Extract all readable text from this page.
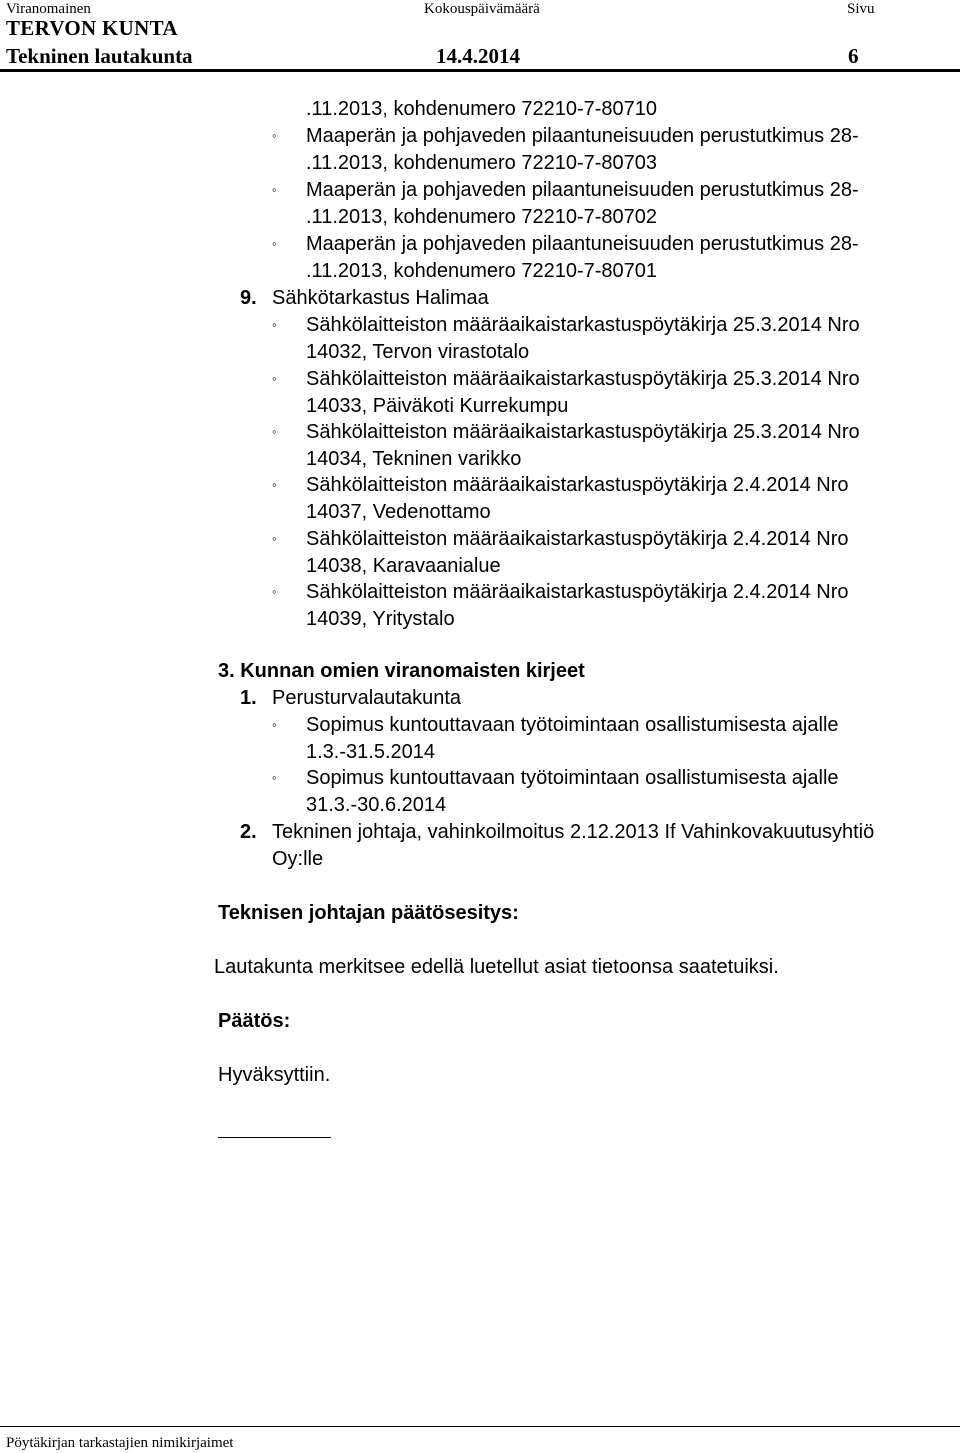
Viranomainen	Kokouspäivämäärä	Sivu
TERVON KUNTA
Tekninen lautakunta	14.4.2014	6
.11.2013, kohdenumero 72210-7-80710
◦	Maaperän ja pohjaveden pilaantuneisuuden perustutkimus 28-
.11.2013, kohdenumero 72210-7-80703
◦	Maaperän ja pohjaveden pilaantuneisuuden perustutkimus 28-
.11.2013, kohdenumero 72210-7-80702
◦	Maaperän ja pohjaveden pilaantuneisuuden perustutkimus 28-
.11.2013, kohdenumero 72210-7-80701
9. Sähkötarkastus Halimaa
◦	Sähkölaitteiston määräaikaistarkastuspöytäkirja 25.3.2014 Nro
14032, Tervon virastotalo
◦	Sähkölaitteiston määräaikaistarkastuspöytäkirja 25.3.2014 Nro
14033, Päiväkoti Kurrekumpu
◦	Sähkölaitteiston määräaikaistarkastuspöytäkirja 25.3.2014 Nro
14034, Tekninen varikko
◦	Sähkölaitteiston määräaikaistarkastuspöytäkirja 2.4.2014 Nro
14037, Vedenottamo
◦	Sähkölaitteiston määräaikaistarkastuspöytäkirja 2.4.2014 Nro
14038, Karavaanialue
◦	Sähkölaitteiston määräaikaistarkastuspöytäkirja 2.4.2014 Nro
14039, Yritystalo
3. Kunnan omien viranomaisten kirjeet
1. Perusturvalautakunta
◦	Sopimus kuntouttavaan työtoimintaan osallistumisesta ajalle
1.3.-31.5.2014
◦	Sopimus kuntouttavaan työtoimintaan osallistumisesta ajalle
31.3.-30.6.2014
2. Tekninen johtaja, vahinkoilmoitus 2.12.2013 If Vahinkovakuutusyhtiö
Oy:lle
Teknisen johtajan päätösesitys:
Lautakunta merkitsee edellä luetellut asiat tietoonsa saatetuiksi.
Päätös:
Hyväksyttiin.
Pöytäkirjan tarkastajien nimikirjaimet
